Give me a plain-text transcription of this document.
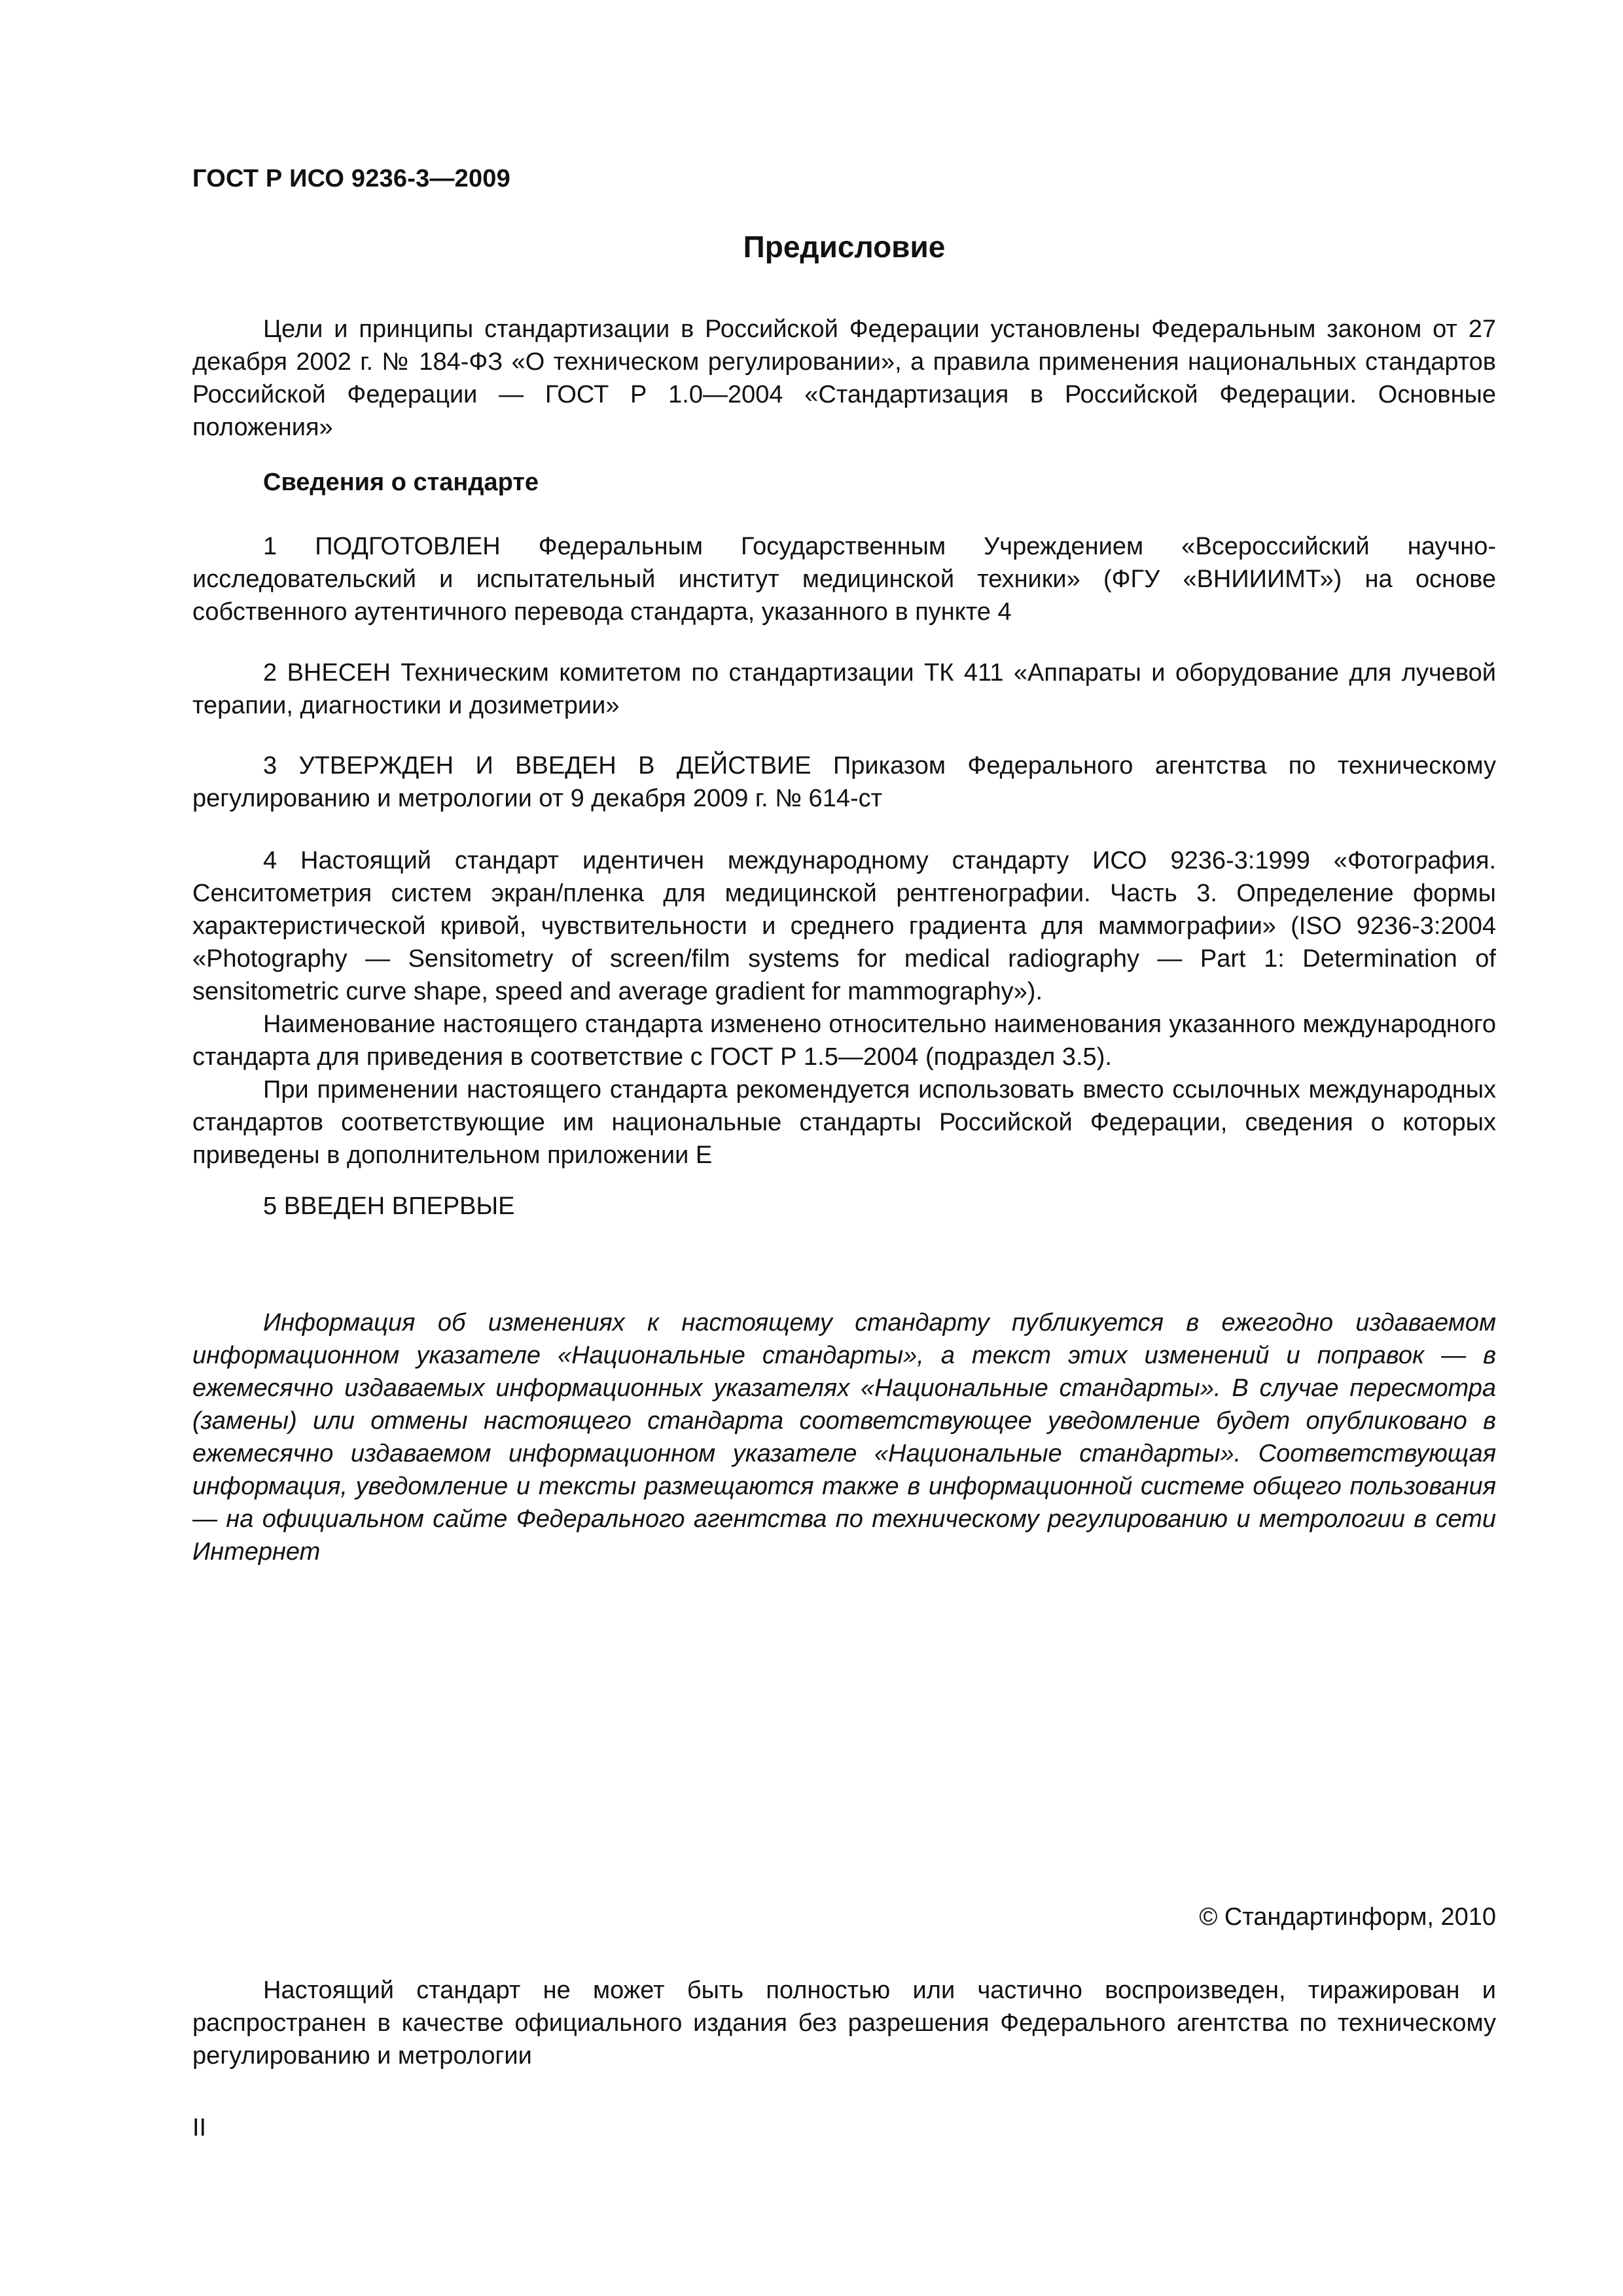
ГОСТ Р ИСО 9236-3—2009
Предисловие

Цели и принципы стандартизации в Российской Федерации установлены Федеральным законом от 27 декабря 2002 г. № 184-ФЗ «О техническом регулировании», а правила применения национальных стандартов Российской Федерации — ГОСТ Р 1.0—2004 «Стандартизация в Российской Федерации. Основные положения»

Сведения о стандарте

1 ПОДГОТОВЛЕН Федеральным Государственным Учреждением «Всероссийский научно-исследовательский и испытательный институт медицинской техники» (ФГУ «ВНИИИМТ») на основе собственного аутентичного перевода стандарта, указанного в пункте 4

2 ВНЕСЕН Техническим комитетом по стандартизации ТК 411 «Аппараты и оборудование для лучевой терапии, диагностики и дозиметрии»

3 УТВЕРЖДЕН И ВВЕДЕН В ДЕЙСТВИЕ Приказом Федерального агентства по техническому регулированию и метрологии от 9 декабря 2009 г. № 614-ст

4 Настоящий стандарт идентичен международному стандарту ИСО 9236-3:1999 «Фотография. Сенситометрия систем экран/пленка для медицинской рентгенографии. Часть 3. Определение формы характеристической кривой, чувствительности и среднего градиента для маммографии» (ISO 9236-3:2004 «Photography — Sensitometry of screen/film systems for medical radiography — Part 1: Determination of sensitometric curve shape, speed and average gradient for mammography»).

Наименование настоящего стандарта изменено относительно наименования указанного международного стандарта для приведения в соответствие с ГОСТ Р 1.5—2004 (подраздел 3.5).

При применении настоящего стандарта рекомендуется использовать вместо ссылочных международных стандартов соответствующие им национальные стандарты Российской Федерации, сведения о которых приведены в дополнительном приложении Е

5 ВВЕДЕН ВПЕРВЫЕ

Информация об изменениях к настоящему стандарту публикуется в ежегодно издаваемом информационном указателе «Национальные стандарты», а текст этих изменений и поправок — в ежемесячно издаваемых информационных указателях «Национальные стандарты». В случае пересмотра (замены) или отмены настоящего стандарта соответствующее уведомление будет опубликовано в ежемесячно издаваемом информационном указателе «Национальные стандарты». Соответствующая информация, уведомление и тексты размещаются также в информационной системе общего пользования — на официальном сайте Федерального агентства по техническому регулированию и метрологии в сети Интернет

© Стандартинформ, 2010

Настоящий стандарт не может быть полностью или частично воспроизведен, тиражирован и распространен в качестве официального издания без разрешения Федерального агентства по техническому регулированию и метрологии

II
